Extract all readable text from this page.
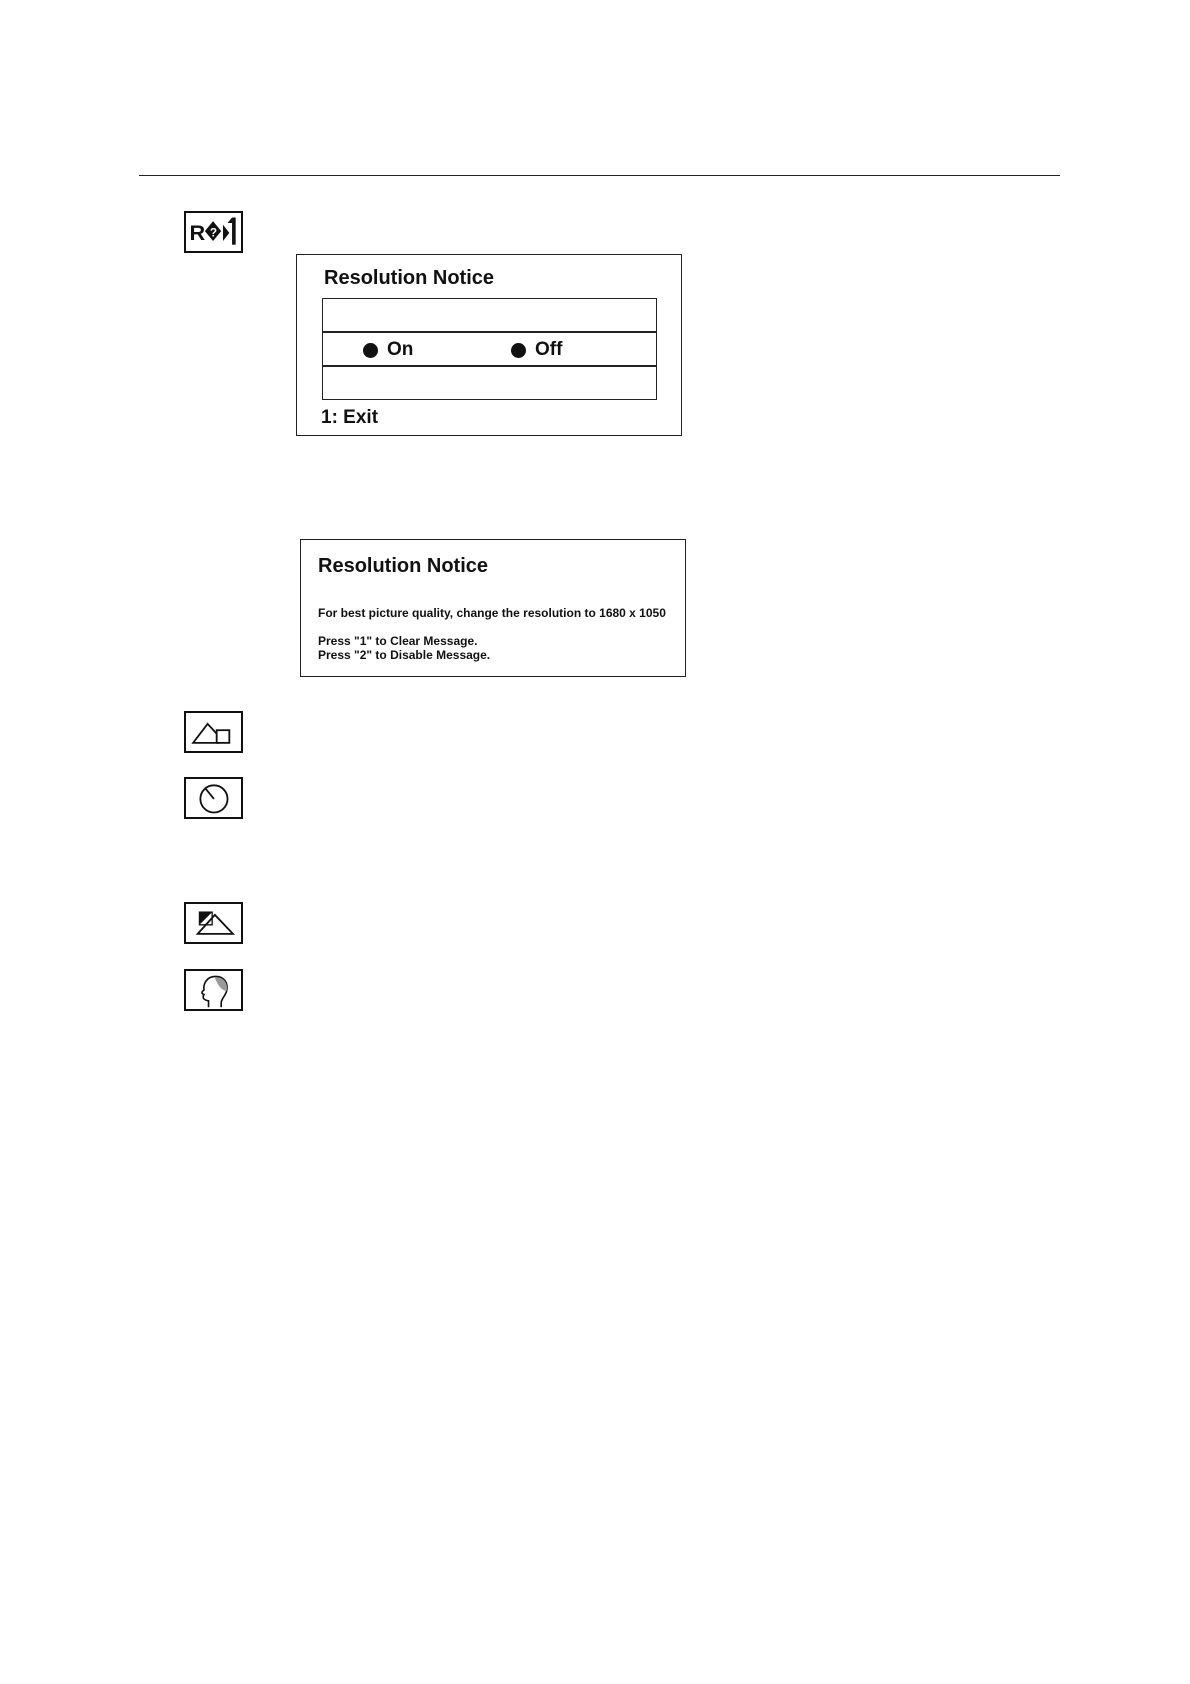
R ?
Resolution Notice
On	Off
1: Exit
Resolution Notice
For best picture quality, change the resolution to 1680 x 1050
Press "1" to Clear Message.
Press "2" to Disable Message.
